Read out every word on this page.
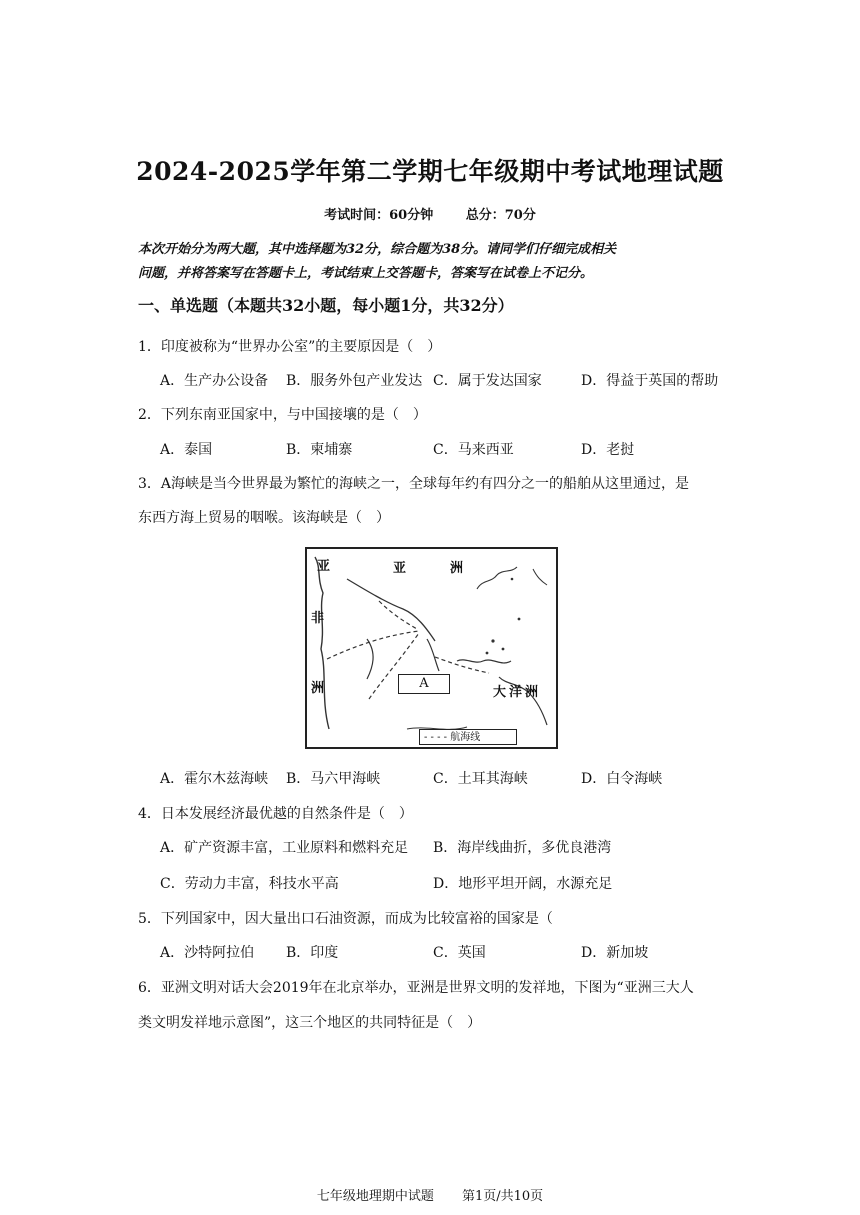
2024-2025学年第二学期七年级期中考试地理试题
考试时间：60分钟	总分：70分
本次开始分为两大题，其中选择题为32分，综合题为38分。请同学们仔细完成相关
问题，并将答案写在答题卡上，考试结束上交答题卡，答案写在试卷上不记分。
一、单选题（本题共32小题，每小题1分，共32分）
1．印度被称为“世界办公室”的主要原因是（　）
A．生产办公设备 B．服务外包产业发达 C．属于发达国家	D．得益于英国的帮助
2．下列东南亚国家中，与中国接壤的是（　）
A．泰国	B．柬埔寨	C．马来西亚	D．老挝
3．A海峡是当今世界最为繁忙的海峡之一，全球每年约有四分之一的船舶从这里通过，是
东西方海上贸易的咽喉。该海峡是（　）
亚	亚	洲
非
洲	大洋洲
A
- - - - 航海线
A．霍尔木兹海峡 B．马六甲海峡	C．土耳其海峡	D．白令海峡
4．日本发展经济最优越的自然条件是（　）
A．矿产资源丰富，工业原料和燃料充足 B．海岸线曲折，多优良港湾
C．劳动力丰富，科技水平高	D．地形平坦开阔，水源充足
5．下列国家中，因大量出口石油资源，而成为比较富裕的国家是（
A．沙特阿拉伯 B．印度	C．英国	D．新加坡
6．亚洲文明对话大会2019年在北京举办，亚洲是世界文明的发祥地，下图为“亚洲三大人
类文明发祥地示意图”，这三个地区的共同特征是（　）
七年级地理期中试题 第1页/共10页
